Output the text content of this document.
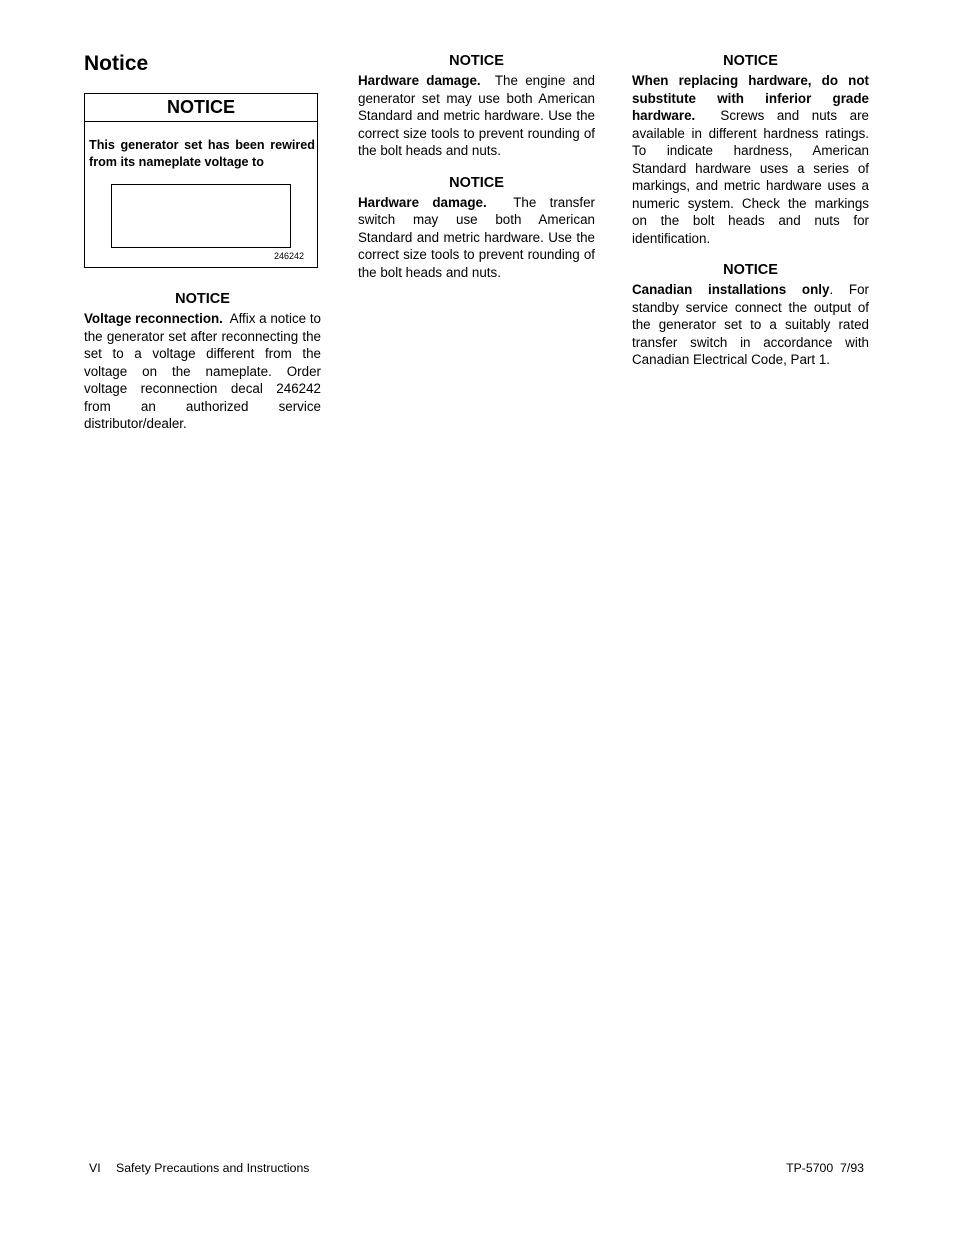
Notice
NOTICE
This generator set has been rewired from its nameplate voltage to
246242
NOTICE

Voltage reconnection. Affix a notice to the generator set after reconnecting the set to a voltage different from the voltage on the nameplate. Order voltage reconnection decal 246242 from an authorized service distributor/dealer.

NOTICE

Hardware damage. The engine and generator set may use both American Standard and metric hardware. Use the correct size tools to prevent rounding of the bolt heads and nuts.

NOTICE

Hardware damage. The transfer switch may use both American Standard and metric hardware. Use the correct size tools to prevent rounding of the bolt heads and nuts.

NOTICE

When replacing hardware, do not substitute with inferior grade hardware. Screws and nuts are available in different hardness ratings. To indicate hardness, American Standard hardware uses a series of markings, and metric hardware uses a numeric system. Check the markings on the bolt heads and nuts for identification.

NOTICE

Canadian installations only. For standby service connect the output of the generator set to a suitably rated transfer switch in accordance with Canadian Electrical Code, Part 1.

VI Safety Precautions and Instructions	TP-5700  7/93
